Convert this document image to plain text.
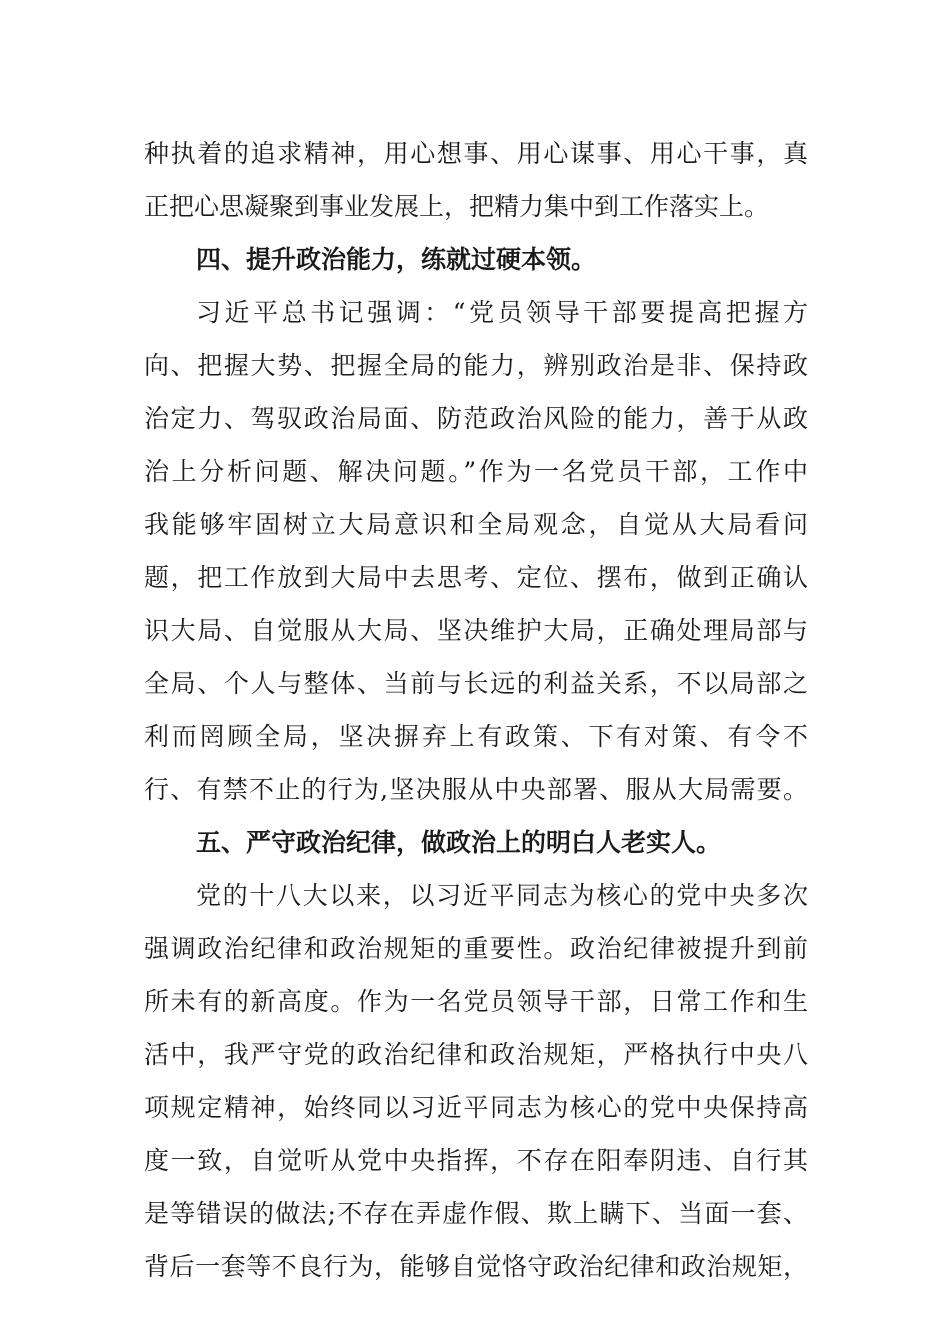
种执着的追求精神，用心想事、用心谋事、用心干事，真
正把心思凝聚到事业发展上，把精力集中到工作落实上。
四、提升政治能力，练就过硬本领。
习近平总书记强调：“党员领导干部要提高把握方
向、把握大势、把握全局的能力，辨别政治是非、保持政
治定力、驾驭政治局面、防范政治风险的能力，善于从政
治上分析问题、解决问题。”作为一名党员干部，工作中
我能够牢固树立大局意识和全局观念，自觉从大局看问
题，把工作放到大局中去思考、定位、摆布，做到正确认
识大局、自觉服从大局、坚决维护大局，正确处理局部与
全局、个人与整体、当前与长远的利益关系，不以局部之
利而罔顾全局，坚决摒弃上有政策、下有对策、有令不
行、有禁不止的行为,坚决服从中央部署、服从大局需要。
五、严守政治纪律，做政治上的明白人老实人。
党的十八大以来，以习近平同志为核心的党中央多次
强调政治纪律和政治规矩的重要性。政治纪律被提升到前
所未有的新高度。作为一名党员领导干部，日常工作和生
活中，我严守党的政治纪律和政治规矩，严格执行中央八
项规定精神，始终同以习近平同志为核心的党中央保持高
度一致，自觉听从党中央指挥，不存在阳奉阴违、自行其
是等错误的做法;不存在弄虚作假、欺上瞒下、当面一套、
背后一套等不良行为，能够自觉恪守政治纪律和政治规矩，
